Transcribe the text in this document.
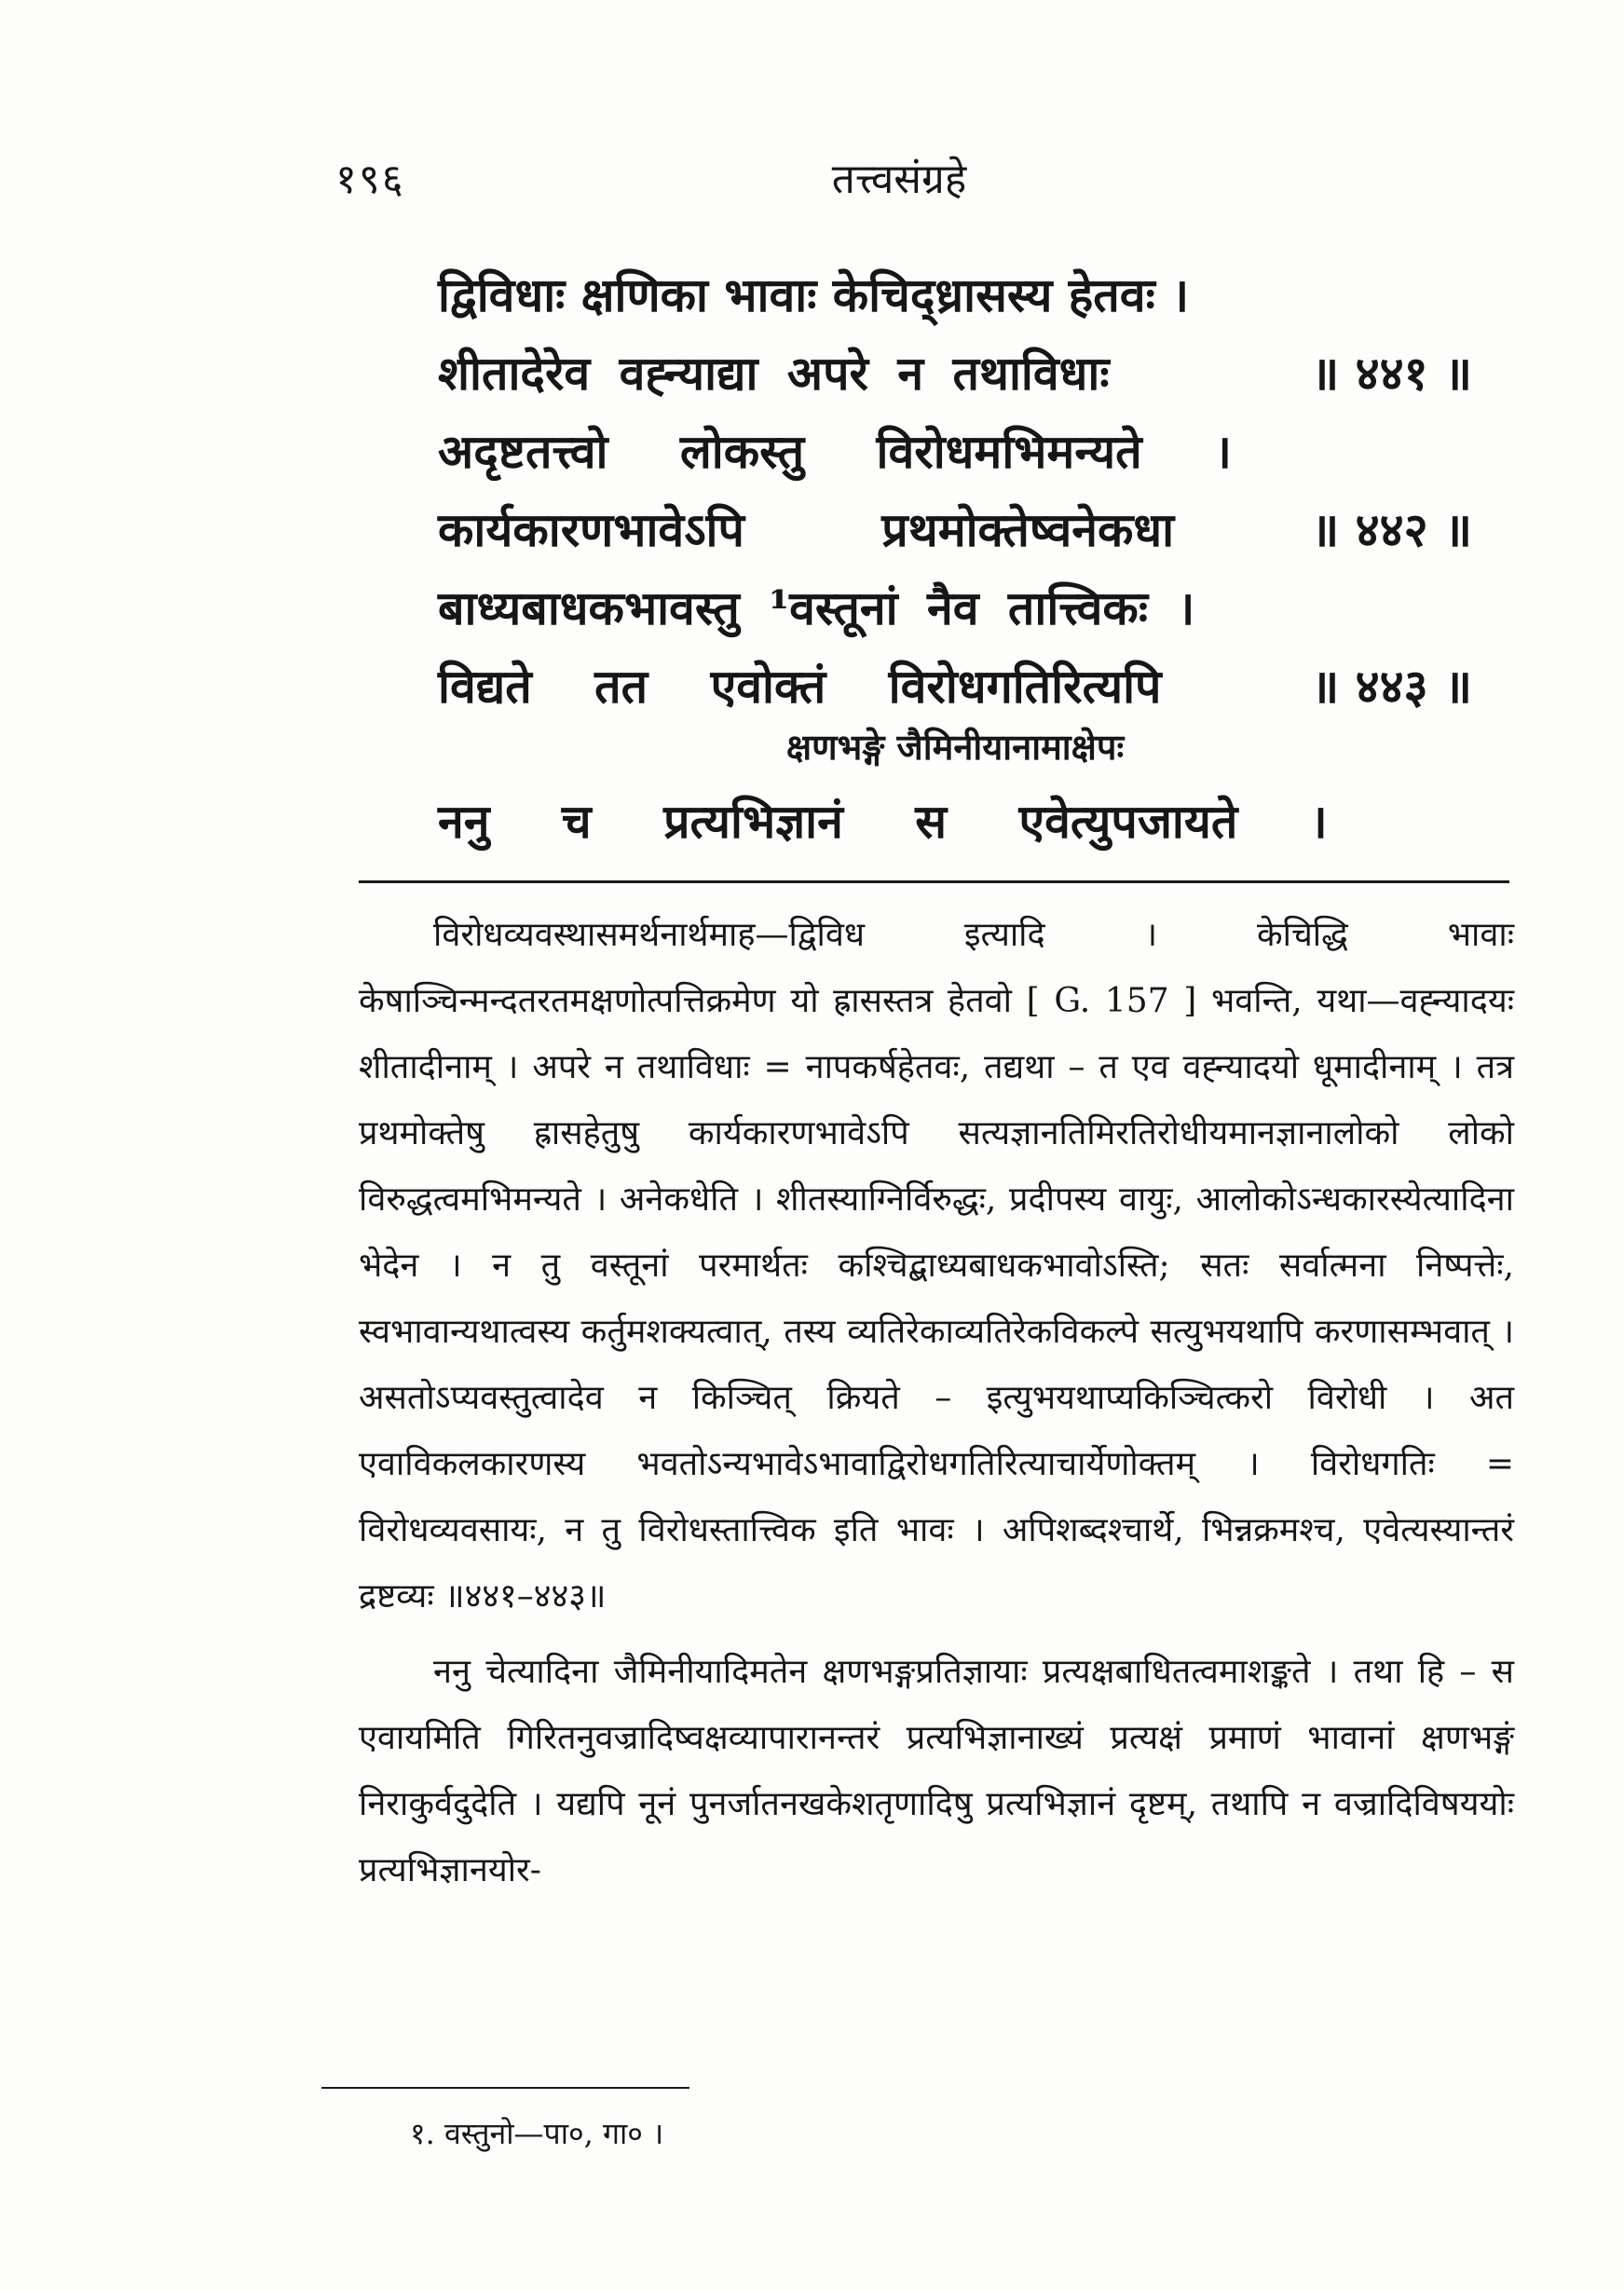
१९६	तत्त्वसंग्रहे
द्विविधाः क्षणिका भावाः केचिद्ध्रासस्य हेतवः ।
शीतादेरेव वह्न्याद्या अपरे न तथाविधाः	॥ ४४१ ॥
अदृष्टतत्त्वो लोकस्तु विरोधमभिमन्यते ।
कार्यकारणभावेऽपि प्रथमोक्तेष्वनेकधा	॥ ४४२ ॥
बाध्यबाधकभावस्तु ¹वस्तूनां नैव तात्त्विकः ।
विद्यते तत एवोक्तं विरोधगतिरित्यपि	॥ ४४३ ॥
क्षणभङ्गे जैमिनीयानामाक्षेपः
ननु च प्रत्यभिज्ञानं स एवेत्युपजायते ।

विरोधव्यवस्थासमर्थनार्थमाह—द्विविध इत्यादि । केचिद्धि भावाः केषाञ्चिन्मन्दतरतमक्षणोत्पत्तिक्रमेण यो ह्रासस्तत्र हेतवो [ G. 157 ] भवन्ति, यथा—वह्न्यादयः शीतादीनाम् । अपरे न तथाविधाः = नापकर्षहेतवः, तद्यथा – त एव वह्न्यादयो धूमादीनाम् । तत्र प्रथमोक्तेषु ह्रासहेतुषु कार्यकारणभावेऽपि सत्यज्ञानतिमिरतिरोधीयमानज्ञानालोको लोको विरुद्धत्वमभिमन्यते । अनेकधेति । शीतस्याग्निर्विरुद्धः, प्रदीपस्य वायुः, आलोकोऽन्धकारस्येत्यादिना भेदेन । न तु वस्तूनां परमार्थतः कश्चिद्बाध्यबाधकभावोऽस्ति; सतः सर्वात्मना निष्पत्तेः, स्वभावान्यथात्वस्य कर्तुमशक्यत्वात्, तस्य व्यतिरेकाव्यतिरेकविकल्पे सत्युभयथापि करणासम्भवात् । असतोऽप्यवस्तुत्वादेव न किञ्चित् क्रियते – इत्युभयथाप्यकिञ्चित्करो विरोधी । अत एवाविकलकारणस्य भवतोऽन्यभावेऽभावाद्विरोधगतिरित्याचार्येणोक्तम् । विरोधगतिः = विरोधव्यवसायः, न तु विरोधस्तात्त्विक इति भावः । अपिशब्दश्चार्थे, भिन्नक्रमश्च, एवेत्यस्यान्तरं द्रष्टव्यः ॥४४१–४४३॥

ननु चेत्यादिना जैमिनीयादिमतेन क्षणभङ्गप्रतिज्ञायाः प्रत्यक्षबाधितत्वमाशङ्कते । तथा हि – स एवायमिति गिरितनुवज्रादिष्वक्षव्यापारानन्तरं प्रत्यभिज्ञानाख्यं प्रत्यक्षं प्रमाणं भावानां क्षणभङ्गं निराकुर्वदुदेति । यद्यपि नूनं पुनर्जातनखकेशतृणादिषु प्रत्यभिज्ञानं दृष्टम्, तथापि न वज्रादिविषययोः प्रत्यभिज्ञानयोर-

१. वस्तुनो—पा०, गा० ।
